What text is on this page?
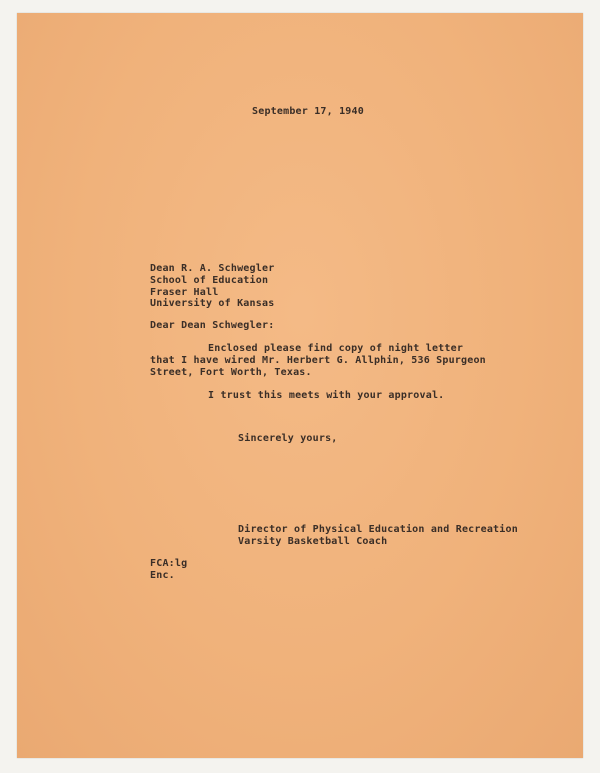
September 17, 1940
Dean R. A. Schwegler
School of Education
Fraser Hall
University of Kansas
Dear Dean Schwegler:
Enclosed please find copy of night letter
that I have wired Mr. Herbert G. Allphin, 536 Spurgeon
Street, Fort Worth, Texas.
I trust this meets with your approval.
Sincerely yours,
Director of Physical Education and Recreation
Varsity Basketball Coach
FCA:lg
Enc.
